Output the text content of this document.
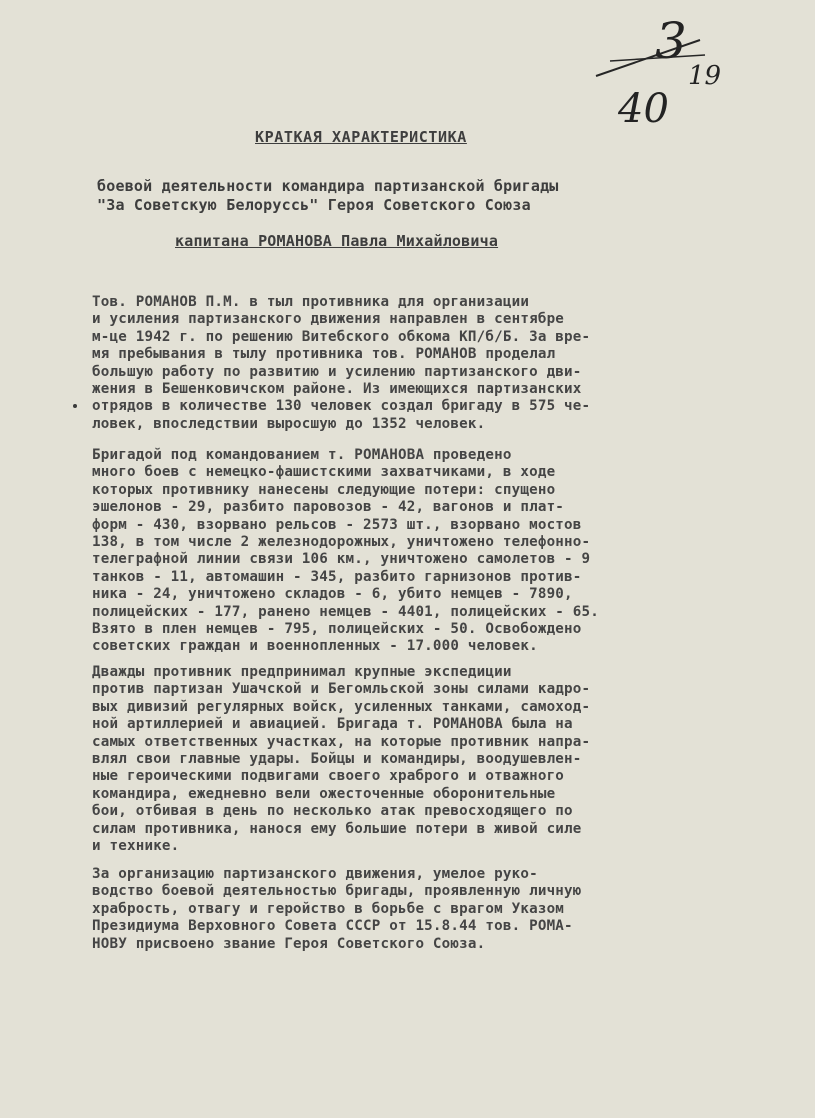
3
19
40
КРАТКАЯ ХАРАКТЕРИСТИКА
боевой деятельности командира партизанской бригады
"За Советскую Белоруссь" Героя Советского Союза
капитана РОМАНОВА Павла Михайловича
Тов. РОМАНОВ П.М. в тыл противника для организации
и усиления партизанского движения направлен в сентябре
м-це 1942 г. по решению Витебского обкома КП/б/Б. За вре-
мя пребывания в тылу противника тов. РОМАНОВ проделал
большую работу по развитию и усилению партизанского дви-
жения в Бешенковичском районе. Из имеющихся партизанских
отрядов в количестве 130 человек создал бригаду в 575 че-
ловек, впоследствии выросшую до 1352 человек.
Бригадой под командованием т. РОМАНОВА проведено
много боев с немецко-фашистскими захватчиками, в ходе
которых противнику нанесены следующие потери: спущено
эшелонов - 29, разбито паровозов - 42, вагонов и плат-
форм - 430, взорвано рельсов - 2573 шт., взорвано мостов
138, в том числе 2 железнодорожных, уничтожено телефонно-
телеграфной линии связи 106 км., уничтожено самолетов - 9
танков - 11, автомашин - 345, разбито гарнизонов против-
ника - 24, уничтожено складов - 6, убито немцев - 7890,
полицейских - 177, ранено немцев - 4401, полицейских - 65.
Взято в плен немцев - 795, полицейских - 50. Освобождено
советских граждан и военнопленных - 17.000 человек.
Дважды противник предпринимал крупные экспедиции
против партизан Ушачской и Бегомльской зоны силами кадро-
вых дивизий регулярных войск, усиленных танками, самоход-
ной артиллерией и авиацией. Бригада т. РОМАНОВА была на
самых ответственных участках, на которые противник напра-
влял свои главные удары. Бойцы и командиры, воодушевлен-
ные героическими подвигами своего храброго и отважного
командира, ежедневно вели ожесточенные оборонительные
бои, отбивая в день по несколько атак превосходящего по
силам противника, нанося ему большие потери в живой силе
и технике.
За организацию партизанского движения, умелое руко-
водство боевой деятельностью бригады, проявленную личную
храбрость, отвагу и геройство в борьбе с врагом Указом
Президиума Верховного Совета СССР от 15.8.44 тов. РОМА-
НОВУ присвоено звание Героя Советского Союза.
